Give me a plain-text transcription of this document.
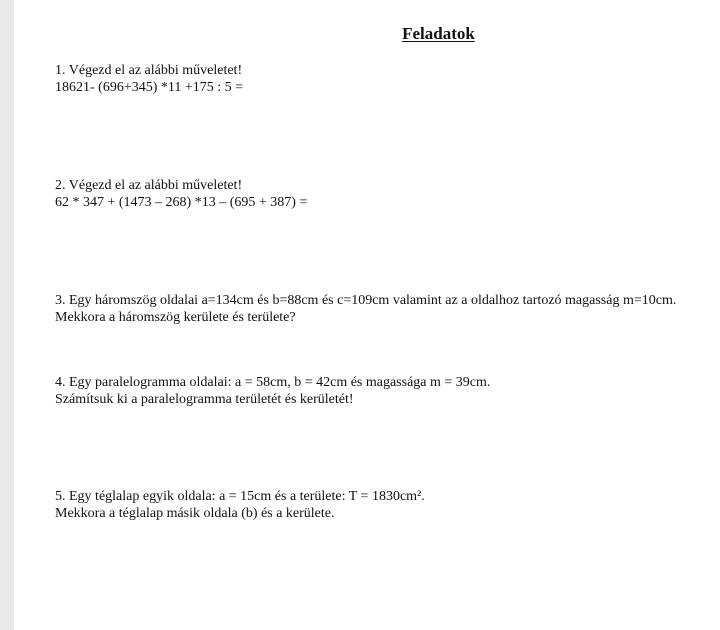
Feladatok

1. Végezd el az alábbi műveletet!

18621- (696+345) *11 +175 : 5 =

2. Végezd el az alábbi műveletet!

62 * 347 + (1473 – 268) *13 – (695 + 387) =

3. Egy háromszög oldalai a=134cm és b=88cm és c=109cm valamint az a oldalhoz tartozó magasság m=10cm.

Mekkora a háromszög kerülete és területe?

4. Egy paralelogramma oldalai: a = 58cm, b = 42cm és magassága m = 39cm.

Számítsuk ki a paralelogramma területét és kerületét!

5. Egy téglalap egyik oldala: a = 15cm és a területe: T = 1830cm².

Mekkora a téglalap másik oldala (b) és a kerülete.
